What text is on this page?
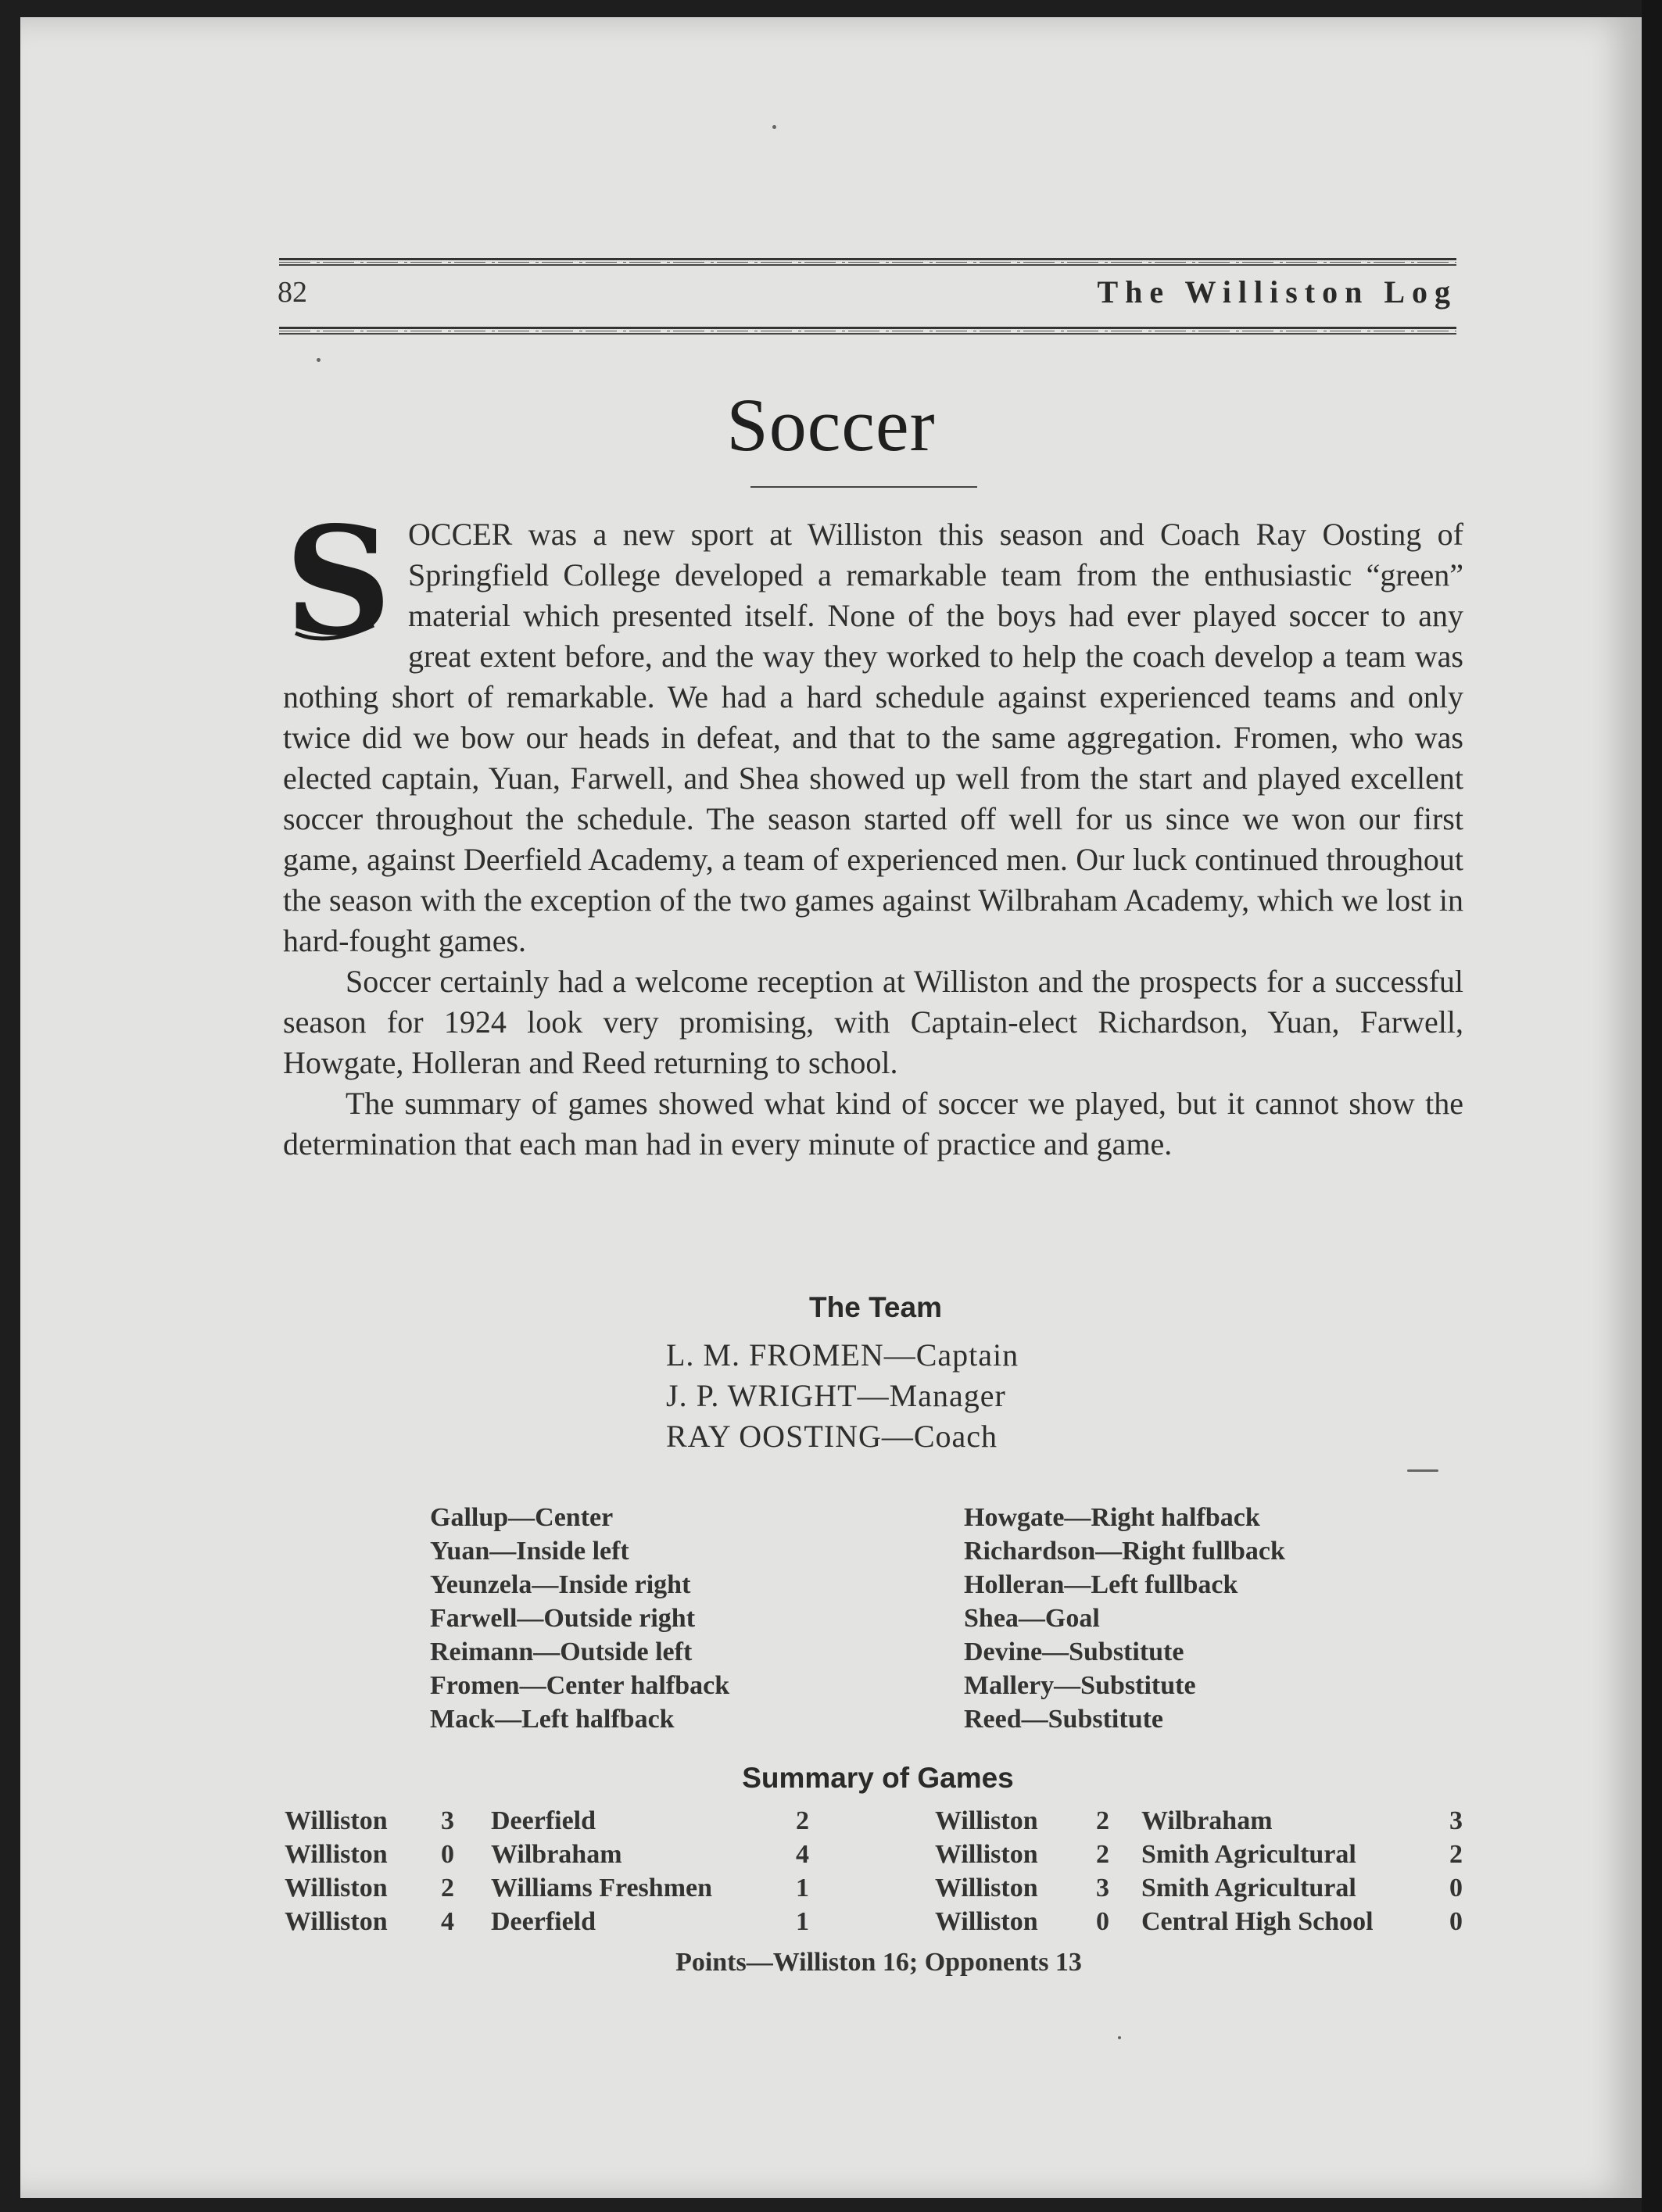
82	The Williston Log
Soccer
S OCCER was a new sport at Williston this season and Coach Ray Oosting of Springfield College developed a remarkable team from the enthusiastic “green” material which presented itself. None of the boys had ever played soccer to any great extent before, and the way they worked to help the coach develop a team was nothing short of remarkable. We had a hard schedule against experienced teams and only twice did we bow our heads in defeat, and that to the same aggregation. Fromen, who was elected captain, Yuan, Farwell, and Shea showed up well from the start and played excellent soccer throughout the schedule. The season started off well for us since we won our first game, against Deerfield Academy, a team of experienced men. Our luck continued throughout the season with the exception of the two games against Wilbraham Academy, which we lost in hard-fought games.

Soccer certainly had a welcome reception at Williston and the prospects for a successful season for 1924 look very promising, with Captain-elect Richardson, Yuan, Farwell, Howgate, Holleran and Reed returning to school.

The summary of games showed what kind of soccer we played, but it cannot show the determination that each man had in every minute of practice and game.

The Team
L. M. FROMEN—Captain
J. P. WRIGHT—Manager
RAY OOSTING—Coach
Gallup—Center
Yuan—Inside left
Yeunzela—Inside right
Farwell—Outside right
Reimann—Outside left
Fromen—Center halfback
Mack—Left halfback
Howgate—Right halfback
Richardson—Right fullback
Holleran—Left fullback
Shea—Goal
Devine—Substitute
Mallery—Substitute
Reed—Substitute
Summary of Games
Williston	3	Deerfield	2
Williston	0	Wilbraham	4
Williston	2	Williams Freshmen	1
Williston	4	Deerfield	1
Williston	2	Wilbraham	3
Williston	2	Smith Agricultural	2
Williston	3	Smith Agricultural	0
Williston	0	Central High School	0
Points—Williston 16; Opponents 13
